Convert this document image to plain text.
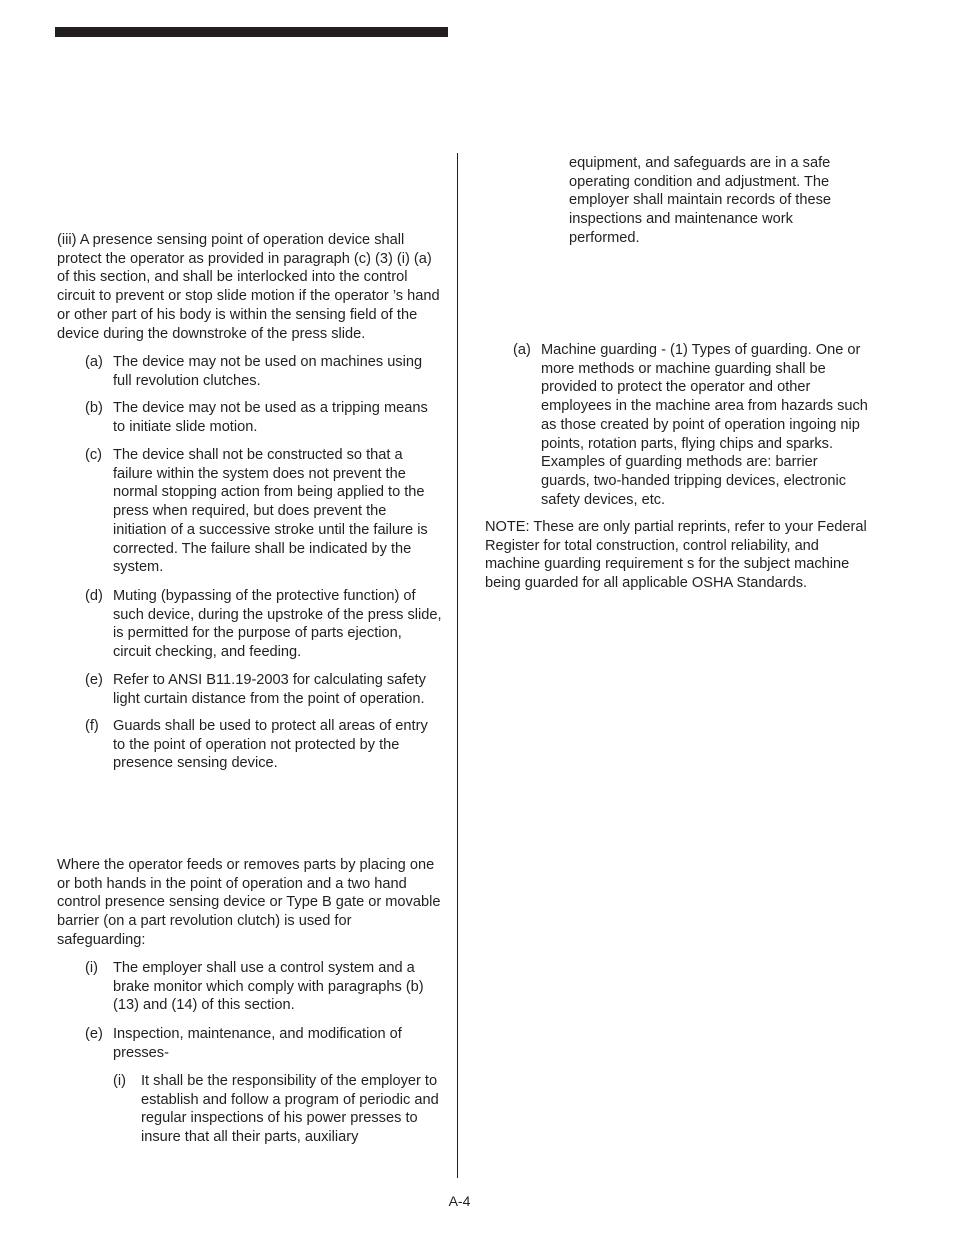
(iii) A presence sensing point of operation device shall protect the operator as provided in paragraph (c) (3) (i) (a) of this section, and shall be interlocked into the control circuit to prevent or stop slide motion if the operator ’s hand or other part of his body is within the sensing field of the device during the downstroke of the press slide.

(a) The device may not be used on machines using full revolution clutches.
(b) The device may not be used as a tripping means to initiate slide motion.
(c) The device shall not be constructed so that a failure within the system does not prevent the normal stopping action from being applied to the press when required, but does prevent the initiation of a successive stroke until the failure is corrected. The failure shall be indicated by the system.
(d) Muting (bypassing of the protective function) of such device, during the upstroke of the press slide, is permitted for the purpose of parts ejection, circuit checking, and feeding.
(e) Refer to ANSI B11.19-2003 for calculating safety light curtain distance from the point of operation.
(f) Guards shall be used to protect all areas of entry to the point of operation not protected by the presence sensing device.

Where the operator feeds or removes parts by placing one or both hands in the point of operation and a two hand control presence sensing device or Type B gate or movable barrier (on a part revolution clutch) is used for safeguarding:

(i) The employer shall use a control system and a brake monitor which comply with paragraphs (b) (13) and (14) of this section.
(e) Inspection, maintenance, and modification of presses-
(i) It shall be the responsibility of the employer to establish and follow a program of periodic and regular inspections of his power presses to insure that all their parts, auxiliary

equipment, and safeguards are in a safe operating condition and adjustment. The employer shall maintain records of these inspections and maintenance work performed.

(a) Machine guarding - (1) Types of guarding. One or more methods or machine guarding shall be provided to protect the operator and other employees in the machine area from hazards such as those created by point of operation ingoing nip points, rotation parts, flying chips and sparks. Examples of guarding methods are: barrier guards, two-handed tripping devices, electronic safety devices, etc.

NOTE: These are only partial reprints, refer to your Federal Register for total construction, control reliability, and machine guarding requirement s for the subject machine being guarded for all applicable OSHA Standards.

A-4
